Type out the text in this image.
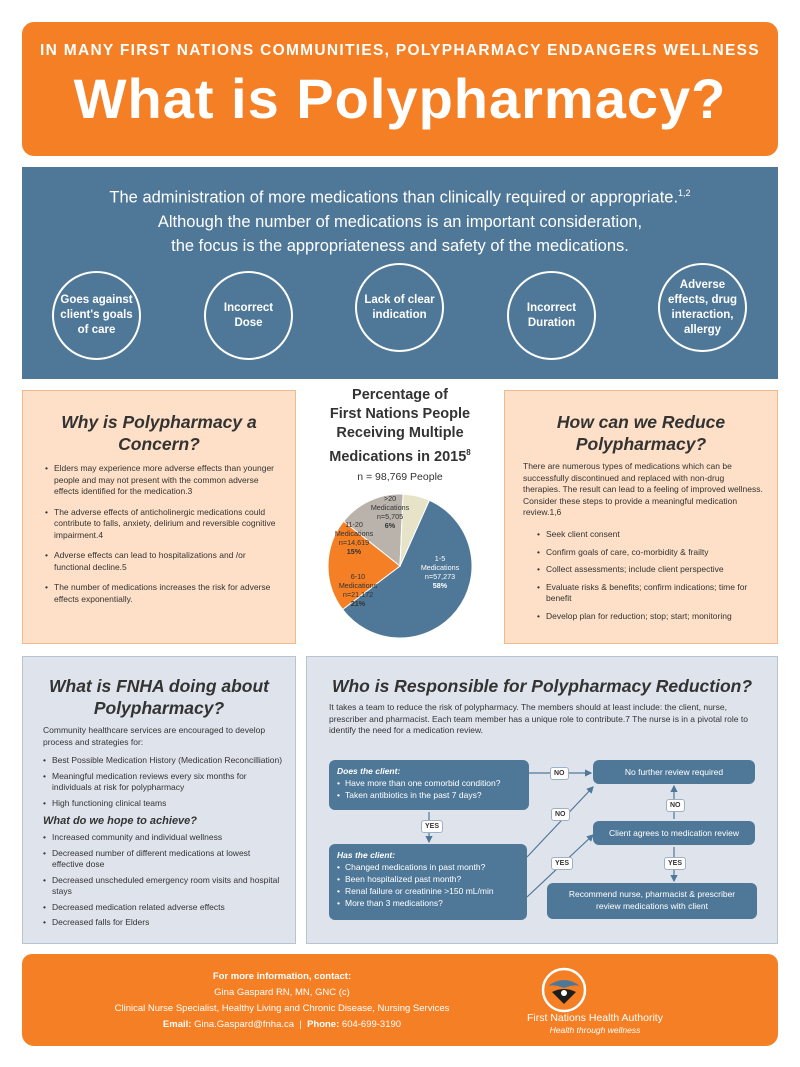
IN MANY FIRST NATIONS COMMUNITIES, POLYPHARMACY ENDANGERS WELLNESS
What is Polypharmacy?
The administration of more medications than clinically required or appropriate.$^{1,2}$
Although the number of medications is an important consideration,
the focus is the appropriateness and safety of the medications.
Goes against client's goals of care
Incorrect Dose
Lack of clear indication
Incorrect Duration
Adverse effects, drug interaction, allergy
Why is Polypharmacy a Concern?
• Elders may experience more adverse effects than younger people and may not present with the common adverse effects identified for the medication.3
• The adverse effects of anticholinergic medications could contribute to falls, anxiety, delirium and reversible cognitive impairment.4
• Adverse effects can lead to hospitalizations and /or functional decline.5
• The number of medications increases the risk for adverse effects exponentially.
Percentage of
First Nations People
Receiving Multiple
Medications in 2015$^8$
n = 98,769 People
1-5
Medications
n=57,273
58%
6-10
Medications
n=21,172
21%
11-20
Medications
n=14,619
15%
>20
Medications
n=5,705
6%
How can we Reduce Polypharmacy?
There are numerous types of medications which can be successfully discontinued and replaced with non-drug therapies. The result can lead to a feeling of improved wellness. Consider these steps to provide a meaningful medication review.1,6
• Seek client consent
• Confirm goals of care, co-morbidity & frailty
• Collect assessments; include client perspective
• Evaluate risks & benefits; confirm indications; time for benefit
• Develop plan for reduction; stop; start; monitoring
What is FNHA doing about Polypharmacy?
Community healthcare services are encouraged to develop process and strategies for:
• Best Possible Medication History (Medication Reconcilliation)
• Meaningful medication reviews every six months for individuals at risk for polypharmacy
• High functioning clinical teams
What do we hope to achieve?
• Increased community and individual wellness
• Decreased number of different medications at lowest effective dose
• Decreased unscheduled emergency room visits and hospital stays
• Decreased medication related adverse effects
• Decreased falls for Elders
Who is Responsible for Polypharmacy Reduction?
It takes a team to reduce the risk of polypharmacy. The members should at least include: the client, nurse, prescriber and pharmacist. Each team member has a unique role to contribute.7 The nurse is in a pivotal role to identify the need for a medication review.
Does the client:
• Have more than one comorbid condition?
• Taken antibiotics in the past 7 days?
Has the client:
• Changed medications in past month?
• Been hospitalized past month?
• Renal failure or creatinine >150 mL/min
• More than 3 medications?
No further review required
Client agrees to medication review
Recommend nurse, pharmacist & prescriber
review medications with client
NO
YES
NO
YES
NO
YES
For more information, contact:
Gina Gaspard RN, MN, GNC (c)
Clinical Nurse Specialist, Healthy Living and Chronic Disease, Nursing Services
Email: Gina.Gaspard@fnha.ca | Phone: 604-699-3190
First Nations Health Authority
Health through wellness
